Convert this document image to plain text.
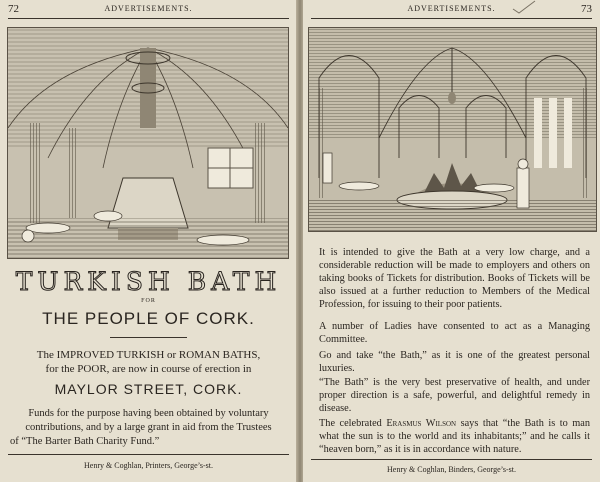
72	ADVERTISEMENTS.
TURKISH BATH
FOR
THE PEOPLE OF CORK.
The IMPROVED TURKISH or ROMAN BATHS,
for the POOR, are now in course of erection in
MAYLOR STREET, CORK.
Funds for the purpose having been obtained by voluntary
contributions, and by a large grant in aid from the Trustees
of “The Barter Bath Charity Fund.”
Henry & Coghlan, Printers, George’s-st.
ADVERTISEMENTS.	73
It is intended to give the Bath at a very low charge, and a considerable reduction will be made to employers and others on taking books of Tickets for distribution. Books of Tickets will be also issued at a further reduction to Members of the Medical Profession, for issuing to their poor patients.
A number of Ladies have consented to act as a Managing Committee.
Go and take “the Bath,” as it is one of the greatest personal luxuries.
“The Bath” is the very best preservative of health, and under proper direction is a safe, powerful, and delightful remedy in disease.
The celebrated Erasmus Wilson says that “the Bath is to man what the sun is to the world and its inhabitants;” and he calls it “heaven born,” as it is in accordance with nature.
Henry & Coghlan, Binders, George’s-st.
